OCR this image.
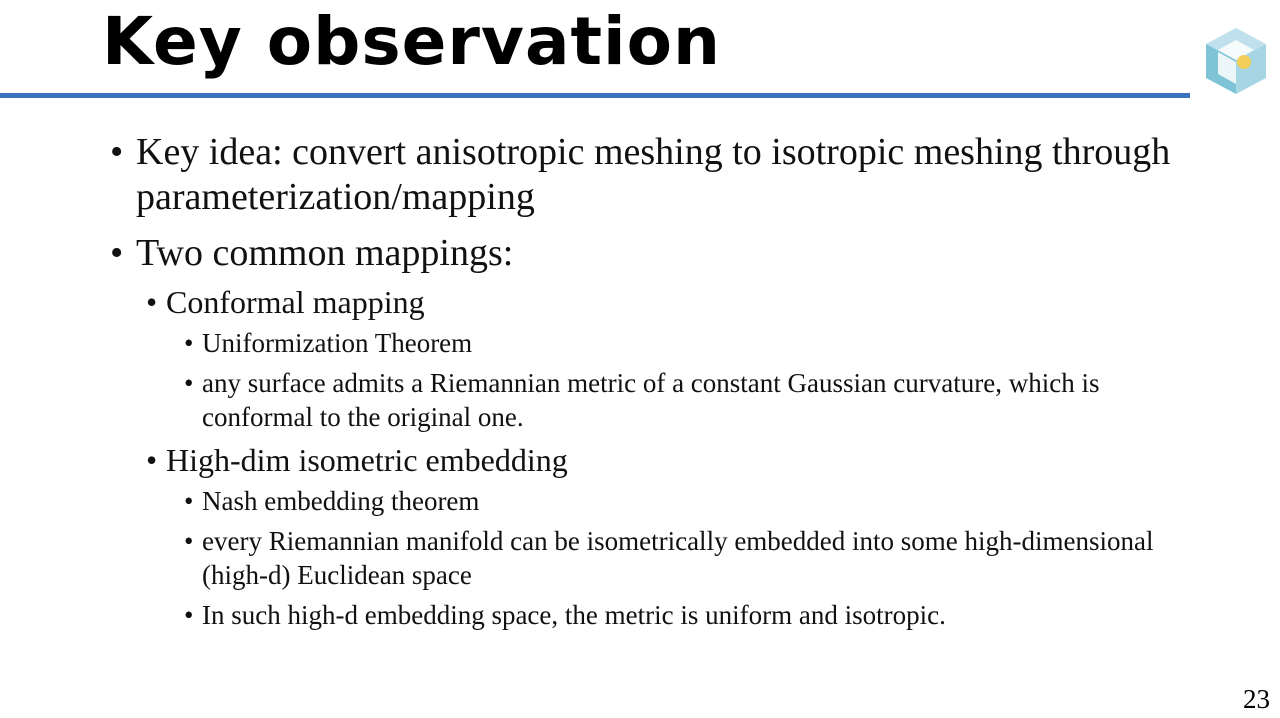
Key observation
• Key idea: convert anisotropic meshing to isotropic meshing through parameterization/mapping
• Two common mappings:
• Conformal mapping
• Uniformization Theorem
• any surface admits a Riemannian metric of a constant Gaussian curvature, which is conformal to the original one.
• High-dim isometric embedding
• Nash embedding theorem
• every Riemannian manifold can be isometrically embedded into some high-dimensional (high-d) Euclidean space
• In such high-d embedding space, the metric is uniform and isotropic.
23
